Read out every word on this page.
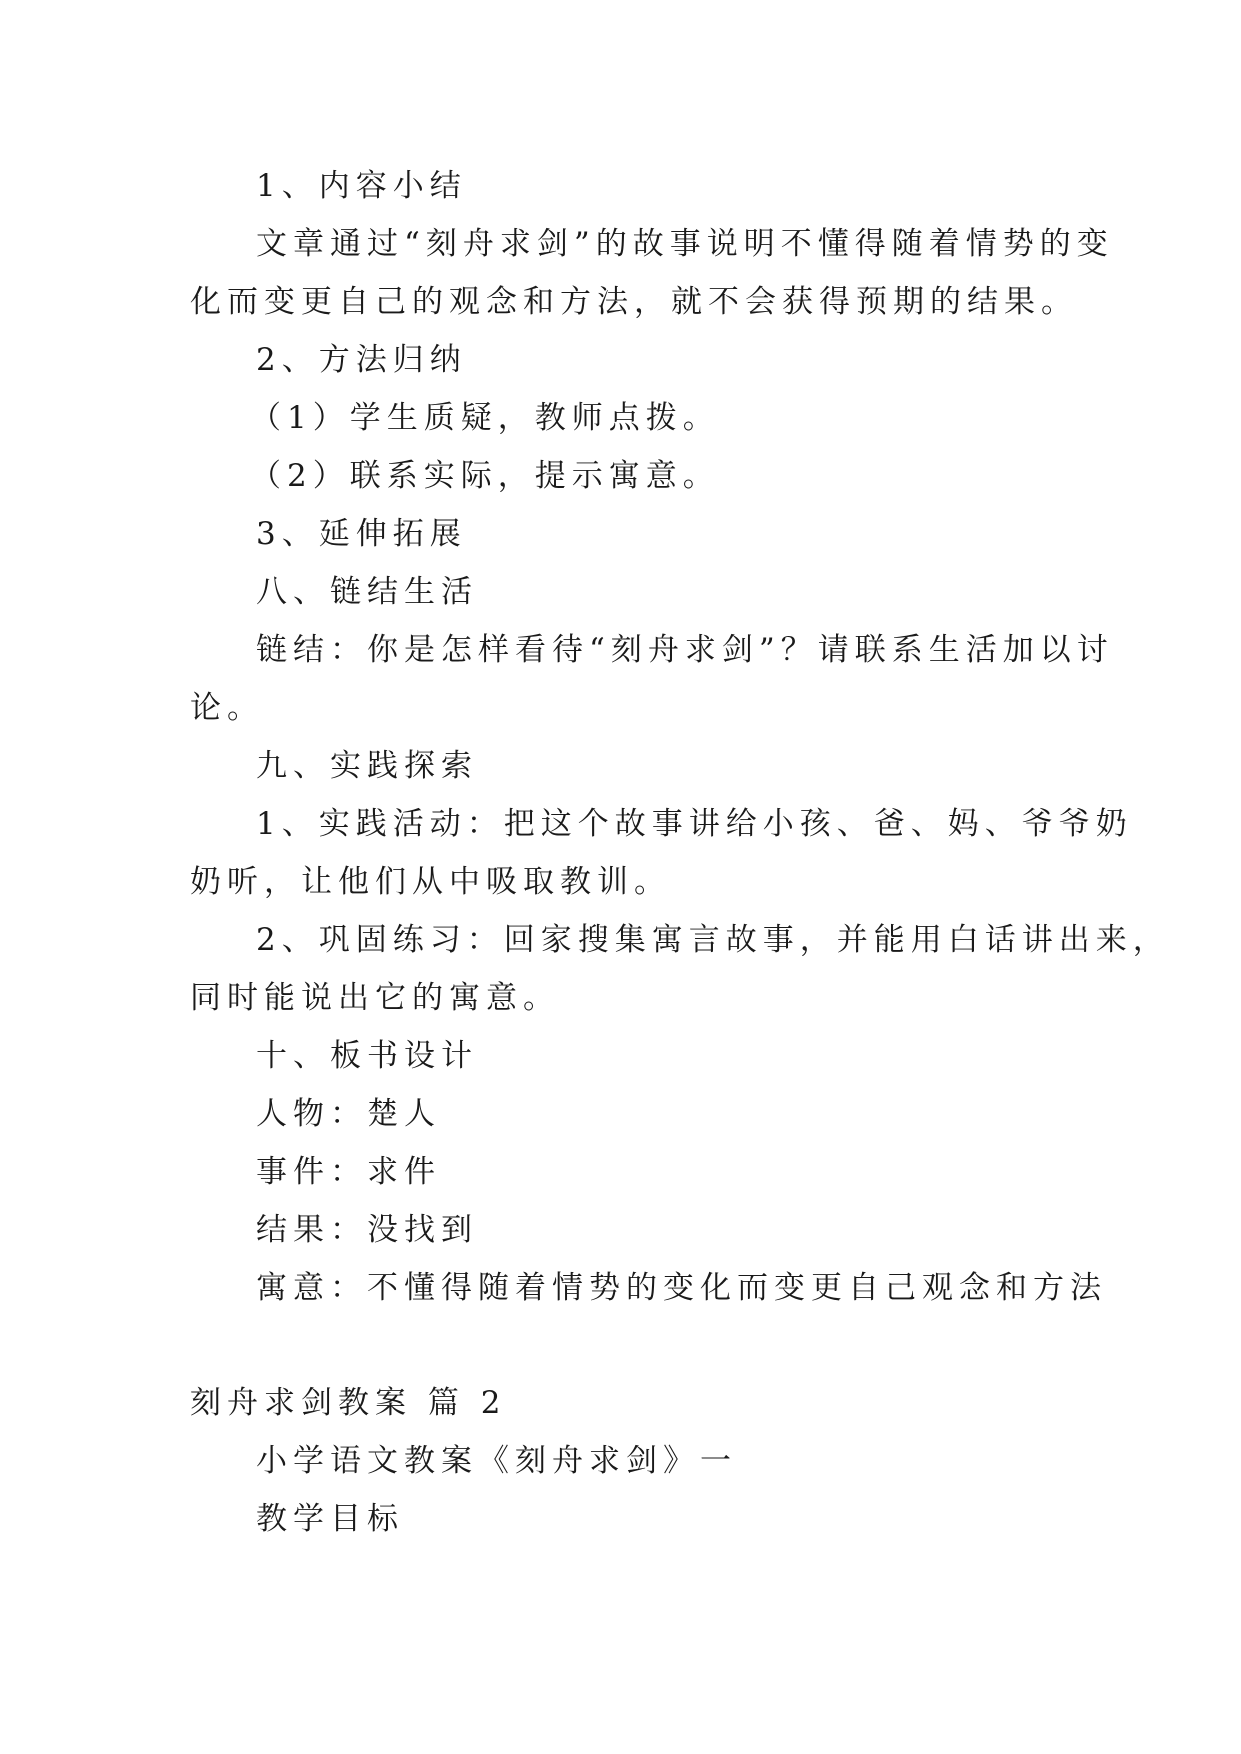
1、内容小结
文章通过“刻舟求剑”的故事说明不懂得随着情势的变
化而变更自己的观念和方法，就不会获得预期的结果。
2、方法归纳
（1）学生质疑，教师点拨。
（2）联系实际，提示寓意。
3、延伸拓展
八、链结生活
链结：你是怎样看待“刻舟求剑”？请联系生活加以讨
论。
九、实践探索
1、实践活动：把这个故事讲给小孩、爸、妈、爷爷奶
奶听，让他们从中吸取教训。
2、巩固练习：回家搜集寓言故事，并能用白话讲出来，
同时能说出它的寓意。
十、板书设计
人物：楚人
事件：求件
结果：没找到
寓意：不懂得随着情势的变化而变更自己观念和方法
刻舟求剑教案 篇 2
小学语文教案《刻舟求剑》一
教学目标
